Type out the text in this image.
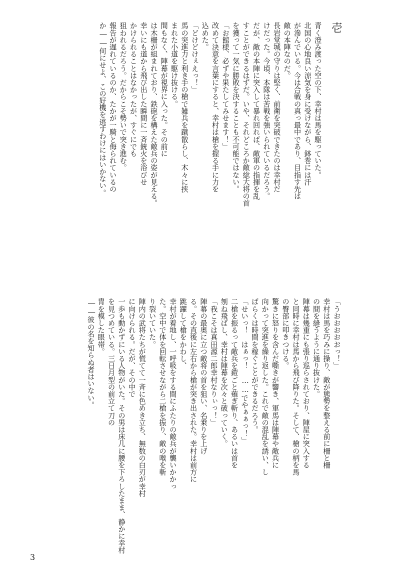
壱
青く澄み渡った空の下、幸村は馬を駆っていた。
北国の心地良い涼気を身に受けながら、鉢巻には汗
が滲んでいる。今は合戦の真っ最中であり、目指す先は
敵の本陣なのだ。
長岩堂城の守りは堅く、前衛を突破できたのは幸村だ
けだった。今頃、本隊は苦戦を強いられているだろう。
だが、敵の本陣に突入して暴れ回れば、敵軍の指揮を乱
すことができるはずだ。いや、それどころか敵総大将の首
を獲って一気に勝敗を決することも不可能ではない。
「お館様、必ずや果たしてみせます！」
改めて決意を言葉にすると、幸村は槍を握る手に力を
込めた。
「どけどけぇえっ！」
馬の突進力と利き手の槍で雑兵を蹴散らし、木々に挟
まれた小道を駆け抜ける。
間もなく、陣幕が視界に入った。その前に
は木柵が組まれており、鉄砲を構えた敵兵の姿が見える。
幸いにも道から飛び出した瞬間に一斉銃火を浴びせ
かけられることはなかったが、すぐにでも
狙われるだろう。だからこそ勢いで突き進む。
報告が遅れているのか、たかが一騎と侮られているの
か――何にせよ、この好機を逃すわけにはいかない。
「うおおおおおっ！」
幸村は馬を巧みに操り、敵が態勢を整える前に柵と柵
の間を縫うように通り抜けた。
陣幕は幾重にも張り巡らされており、陣屋に突入する
と同時に幸村は馬から飛び降りた。そして、槍の柄を馬
の臀部に叩きつける。
驚きに怒りを含んだ嘶きが響き、軍馬は陣幕や敵兵に
向かって突進を繰り返した。これで敵の混乱を誘い、し
ばらくは時間を稼ぐことができるだろう。
「せいっ！　はぁっ！　……でやぁぁっ！」
二槍を振るって敵兵を鎧ごと薙ぎ斬り、あるいは首を
刎ね飛ばし、幸村は陣幕を次々と破っていく。
「我こそは真田源二郎幸村なりぃっ！」
陣幕の最奥に立つ敵将の首を狙い、名乗りを上げ
る。その直後に左右から槍が突き出された。幸村は前方に
跳躍して槍をかわし、
幸村が着地し、一呼吸をする間にふたりの敵兵が襲いかかっ
た。空中で体を回転させながら二槍を振り、敵の喉を斬
り裂いていた。
陣内の武将たちが慌てて一斉に色めき立ち、無数の白刃が幸村
に向けられる。だが、その中で
一歩も動かずにいる人物がいた。その男は床几に腰を下ろしたまま、静かに幸村
を見つめている。三日月型の前立て刀の
冑を模した眼帯。
――彼の名を知らぬ者はいない。
3
